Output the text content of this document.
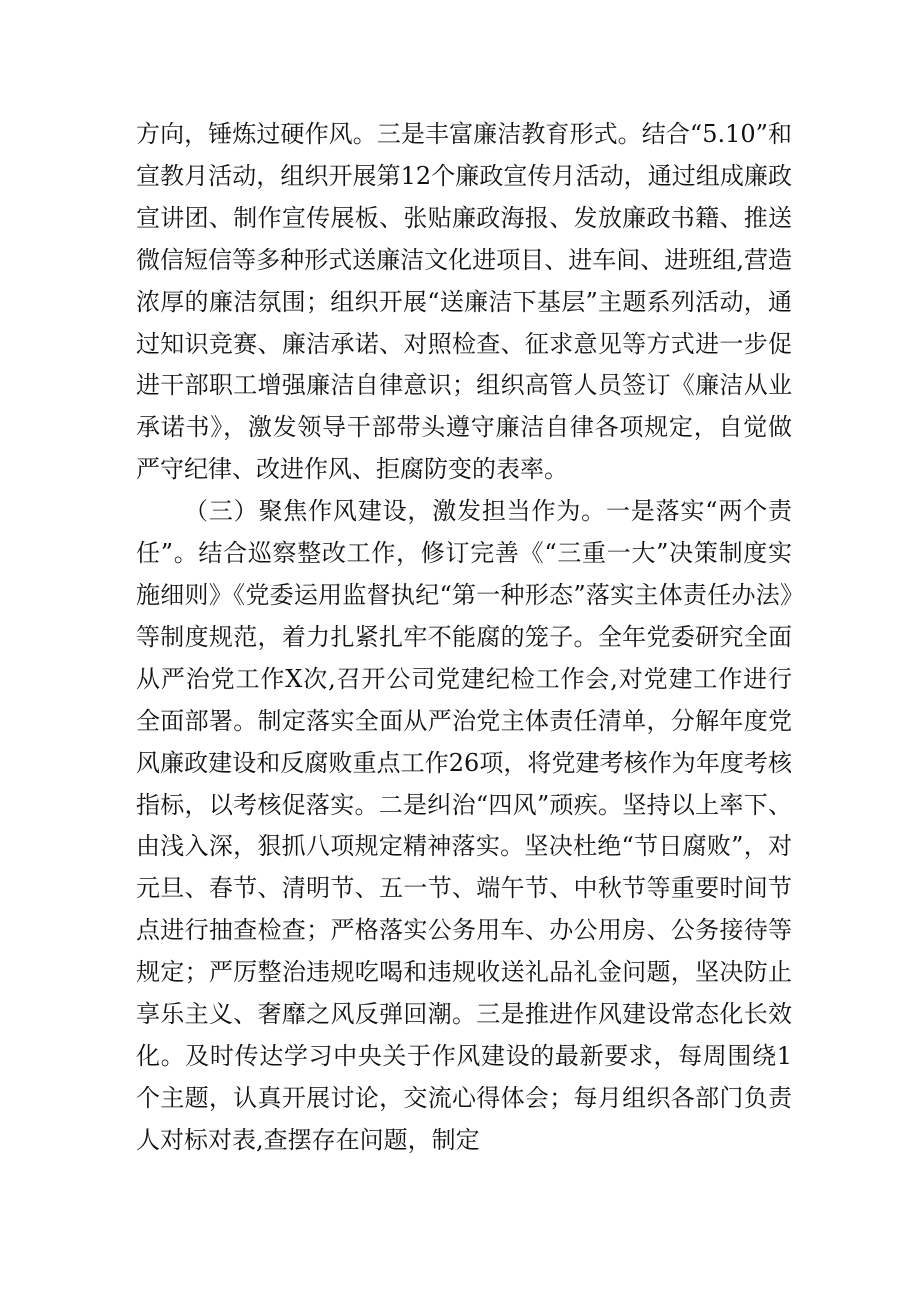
方向，锤炼过硬作风。三是丰富廉洁教育形式。结合“5.10”和宣教月活动，组织开展第12个廉政宣传月活动，通过组成廉政宣讲团、制作宣传展板、张贴廉政海报、发放廉政书籍、推送微信短信等多种形式送廉洁文化进项目、进车间、进班组,营造浓厚的廉洁氛围；组织开展“送廉洁下基层”主题系列活动，通过知识竞赛、廉洁承诺、对照检查、征求意见等方式进一步促进干部职工增强廉洁自律意识；组织高管人员签订《廉洁从业承诺书》，激发领导干部带头遵守廉洁自律各项规定，自觉做严守纪律、改进作风、拒腐防变的表率。

（三）聚焦作风建设，激发担当作为。一是落实“两个责任”。结合巡察整改工作，修订完善《“三重一大”决策制度实施细则》《党委运用监督执纪“第一种形态”落实主体责任办法》等制度规范，着力扎紧扎牢不能腐的笼子。全年党委研究全面从严治党工作X次,召开公司党建纪检工作会,对党建工作进行全面部署。制定落实全面从严治党主体责任清单，分解年度党风廉政建设和反腐败重点工作26项，将党建考核作为年度考核指标，以考核促落实。二是纠治“四风”顽疾。坚持以上率下、由浅入深，狠抓八项规定精神落实。坚决杜绝“节日腐败”，对元旦、春节、清明节、五一节、端午节、中秋节等重要时间节点进行抽查检查；严格落实公务用车、办公用房、公务接待等规定；严厉整治违规吃喝和违规收送礼品礼金问题，坚决防止享乐主义、奢靡之风反弹回潮。三是推进作风建设常态化长效化。及时传达学习中央关于作风建设的最新要求，每周围绕1个主题，认真开展讨论，交流心得体会；每月组织各部门负责人对标对表,查摆存在问题，制定
